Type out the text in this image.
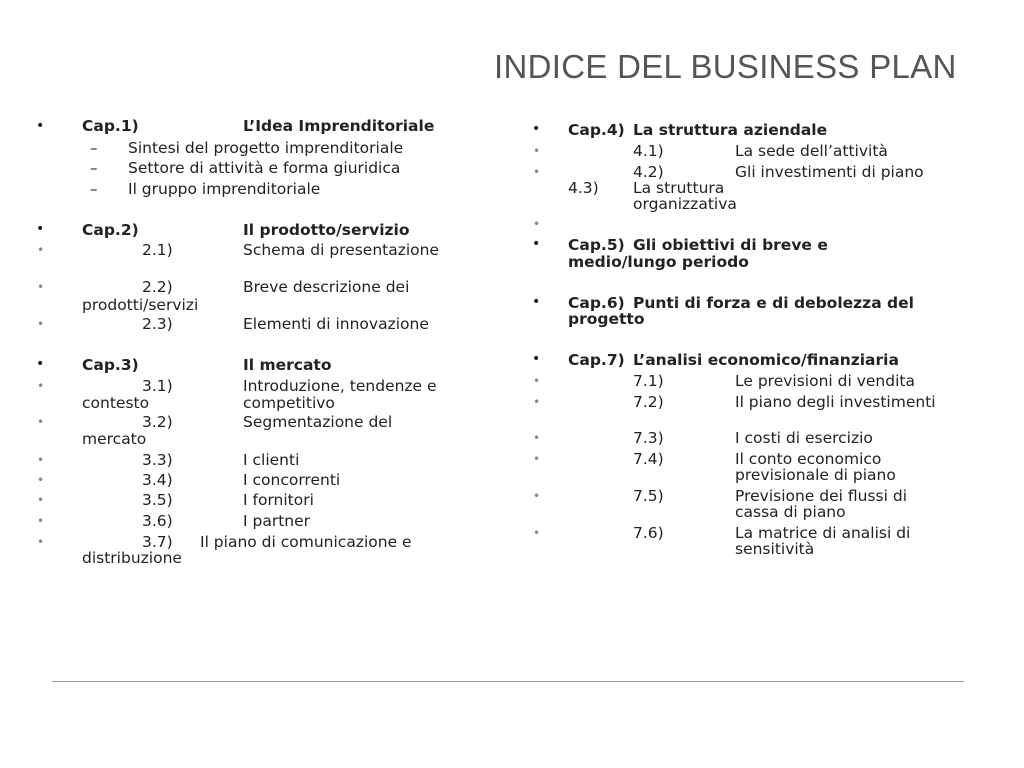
INDICE DEL BUSINESS PLAN
• Cap.1)	L’Idea Imprenditoriale
– Sintesi del progetto imprenditoriale
– Settore di attività e forma giuridica
– Il gruppo imprenditoriale
• Cap.2)	Il prodotto/servizio
•	2.1)	Schema di presentazione
•	2.2)	Breve descrizione dei
prodotti/servizi
•	2.3)	Elementi di innovazione
• Cap.3)	Il mercato
•	3.1)	Introduzione, tendenze e
contesto	competitivo
•	3.2)	Segmentazione del
mercato
•	3.3)	I clienti
•	3.4)	I concorrenti
•	3.5)	I fornitori
•	3.6)	I partner
•	3.7) Il piano di comunicazione e
distribuzione
• Cap.4) La struttura aziendale
•	4.1)	La sede dell’attività
•	4.2)	Gli investimenti di piano
4.3) La struttura
organizzativa
•
• Cap.5) Gli obiettivi di breve e
medio/lungo periodo
• Cap.6) Punti di forza e di debolezza del
progetto
• Cap.7) L’analisi economico/finanziaria
•	7.1)	Le previsioni di vendita
•	7.2)	Il piano degli investimenti
•	7.3)	I costi di esercizio
•	7.4)	Il conto economico
previsionale di piano
•	7.5)	Previsione dei flussi di
cassa di piano
•	7.6)	La matrice di analisi di
sensitività
